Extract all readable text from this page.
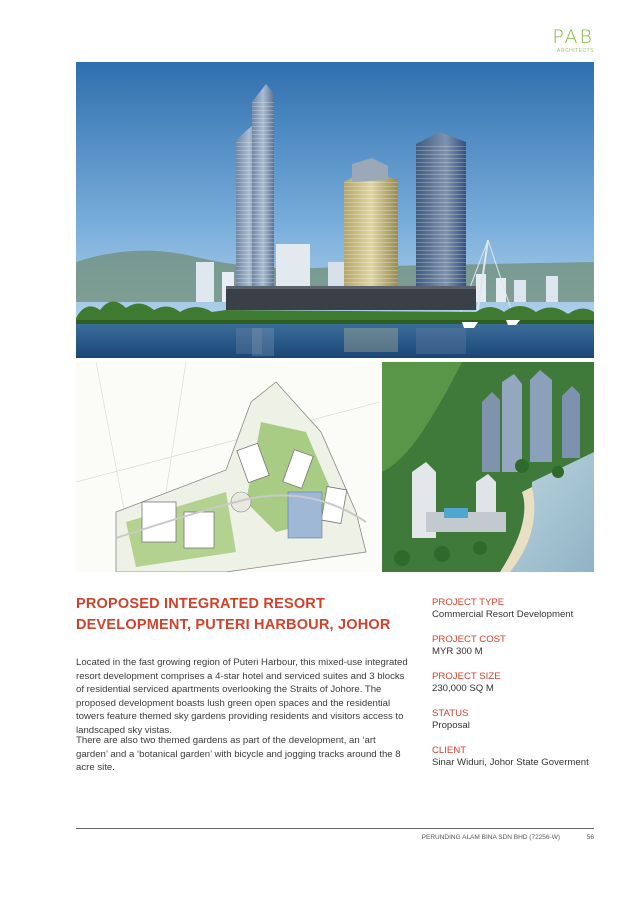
PAB
ARCHITECTS
PROPOSED INTEGRATED RESORT DEVELOPMENT, PUTERI HARBOUR, JOHOR

Located in the fast growing region of Puteri Harbour, this mixed-use integrated resort development comprises a 4-star hotel and serviced suites and 3 blocks of residential serviced apartments overlooking the Straits of Johore. The proposed development boasts lush green open spaces and the residential towers feature themed sky gardens providing residents and visitors access to landscaped sky vistas.

There are also two themed gardens as part of the development, an ‘art garden’ and a ‘botanical garden’ with bicycle and jogging tracks around the 8 acre site.

PROJECT TYPE
Commercial Resort Development
PROJECT COST
MYR 300 M
PROJECT SIZE
230,000 SQ M
STATUS
Proposal
CLIENT
Sinar Widuri, Johor State Goverment
PERUNDING ALAM BINA SDN BHD (72256-W)	56
